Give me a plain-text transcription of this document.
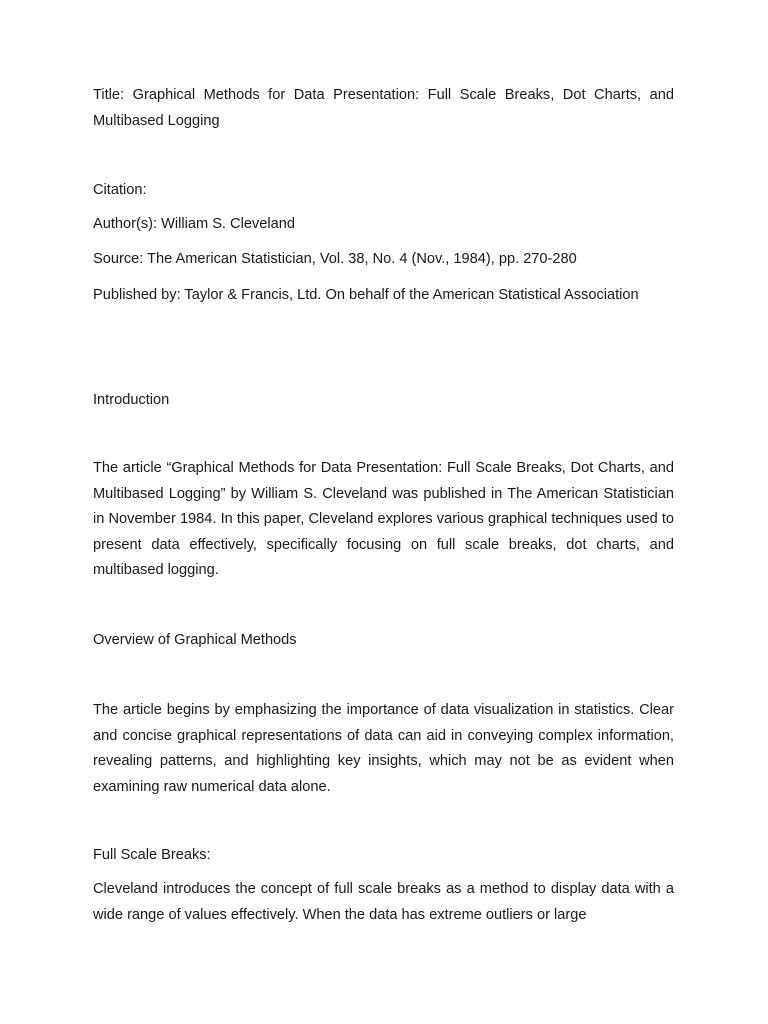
Title: Graphical Methods for Data Presentation: Full Scale Breaks, Dot Charts, and Multibased Logging

Citation:

Author(s): William S. Cleveland

Source: The American Statistician, Vol. 38, No. 4 (Nov., 1984), pp. 270-280

Published by: Taylor & Francis, Ltd. On behalf of the American Statistical Association

Introduction

The article “Graphical Methods for Data Presentation: Full Scale Breaks, Dot Charts, and Multibased Logging” by William S. Cleveland was published in The American Statistician in November 1984. In this paper, Cleveland explores various graphical techniques used to present data effectively, specifically focusing on full scale breaks, dot charts, and multibased logging.

Overview of Graphical Methods

The article begins by emphasizing the importance of data visualization in statistics. Clear and concise graphical representations of data can aid in conveying complex information, revealing patterns, and highlighting key insights, which may not be as evident when examining raw numerical data alone.

Full Scale Breaks:

Cleveland introduces the concept of full scale breaks as a method to display data with a wide range of values effectively. When the data has extreme outliers or large
